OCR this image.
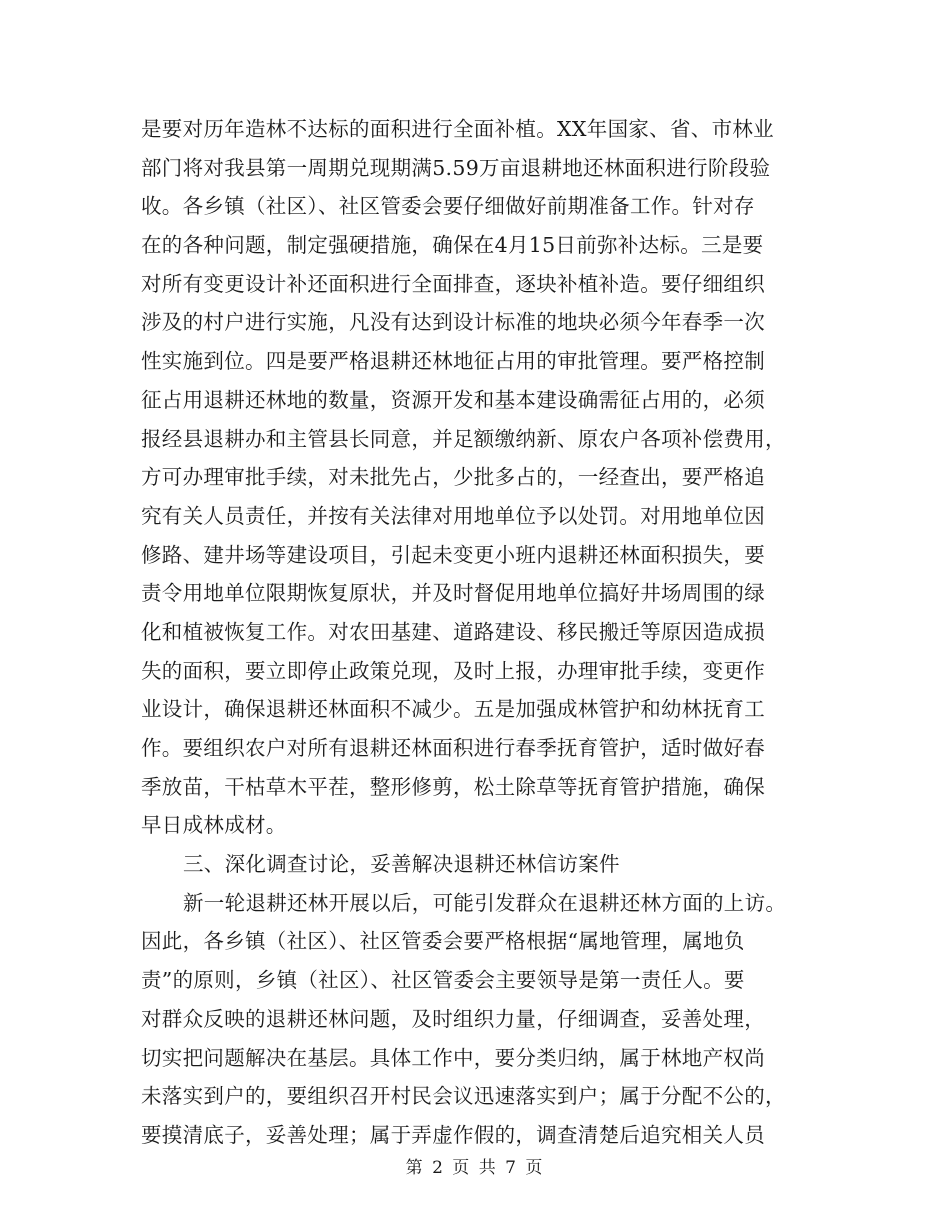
是要对历年造林不达标的面积进行全面补植。XX年国家、省、市林业
部门将对我县第一周期兑现期满5.59万亩退耕地还林面积进行阶段验
收。各乡镇（社区）、社区管委会要仔细做好前期准备工作。针对存
在的各种问题，制定强硬措施，确保在4月15日前弥补达标。三是要
对所有变更设计补还面积进行全面排查，逐块补植补造。要仔细组织
涉及的村户进行实施，凡没有达到设计标准的地块必须今年春季一次
性实施到位。四是要严格退耕还林地征占用的审批管理。要严格控制
征占用退耕还林地的数量，资源开发和基本建设确需征占用的，必须
报经县退耕办和主管县长同意，并足额缴纳新、原农户各项补偿费用，
方可办理审批手续，对未批先占，少批多占的，一经查出，要严格追
究有关人员责任，并按有关法律对用地单位予以处罚。对用地单位因
修路、建井场等建设项目，引起未变更小班内退耕还林面积损失，要
责令用地单位限期恢复原状，并及时督促用地单位搞好井场周围的绿
化和植被恢复工作。对农田基建、道路建设、移民搬迁等原因造成损
失的面积，要立即停止政策兑现，及时上报，办理审批手续，变更作
业设计，确保退耕还林面积不减少。五是加强成林管护和幼林抚育工
作。要组织农户对所有退耕还林面积进行春季抚育管护，适时做好春
季放苗，干枯草木平茬，整形修剪，松土除草等抚育管护措施，确保
早日成林成材。
三、深化调查讨论，妥善解决退耕还林信访案件
新一轮退耕还林开展以后，可能引发群众在退耕还林方面的上访。
因此，各乡镇（社区）、社区管委会要严格根据“属地管理，属地负
责”的原则，乡镇（社区）、社区管委会主要领导是第一责任人。要
对群众反映的退耕还林问题，及时组织力量，仔细调查，妥善处理，
切实把问题解决在基层。具体工作中，要分类归纳，属于林地产权尚
未落实到户的，要组织召开村民会议迅速落实到户；属于分配不公的，
要摸清底子，妥善处理；属于弄虚作假的，调查清楚后追究相关人员
第 2 页 共 7 页
